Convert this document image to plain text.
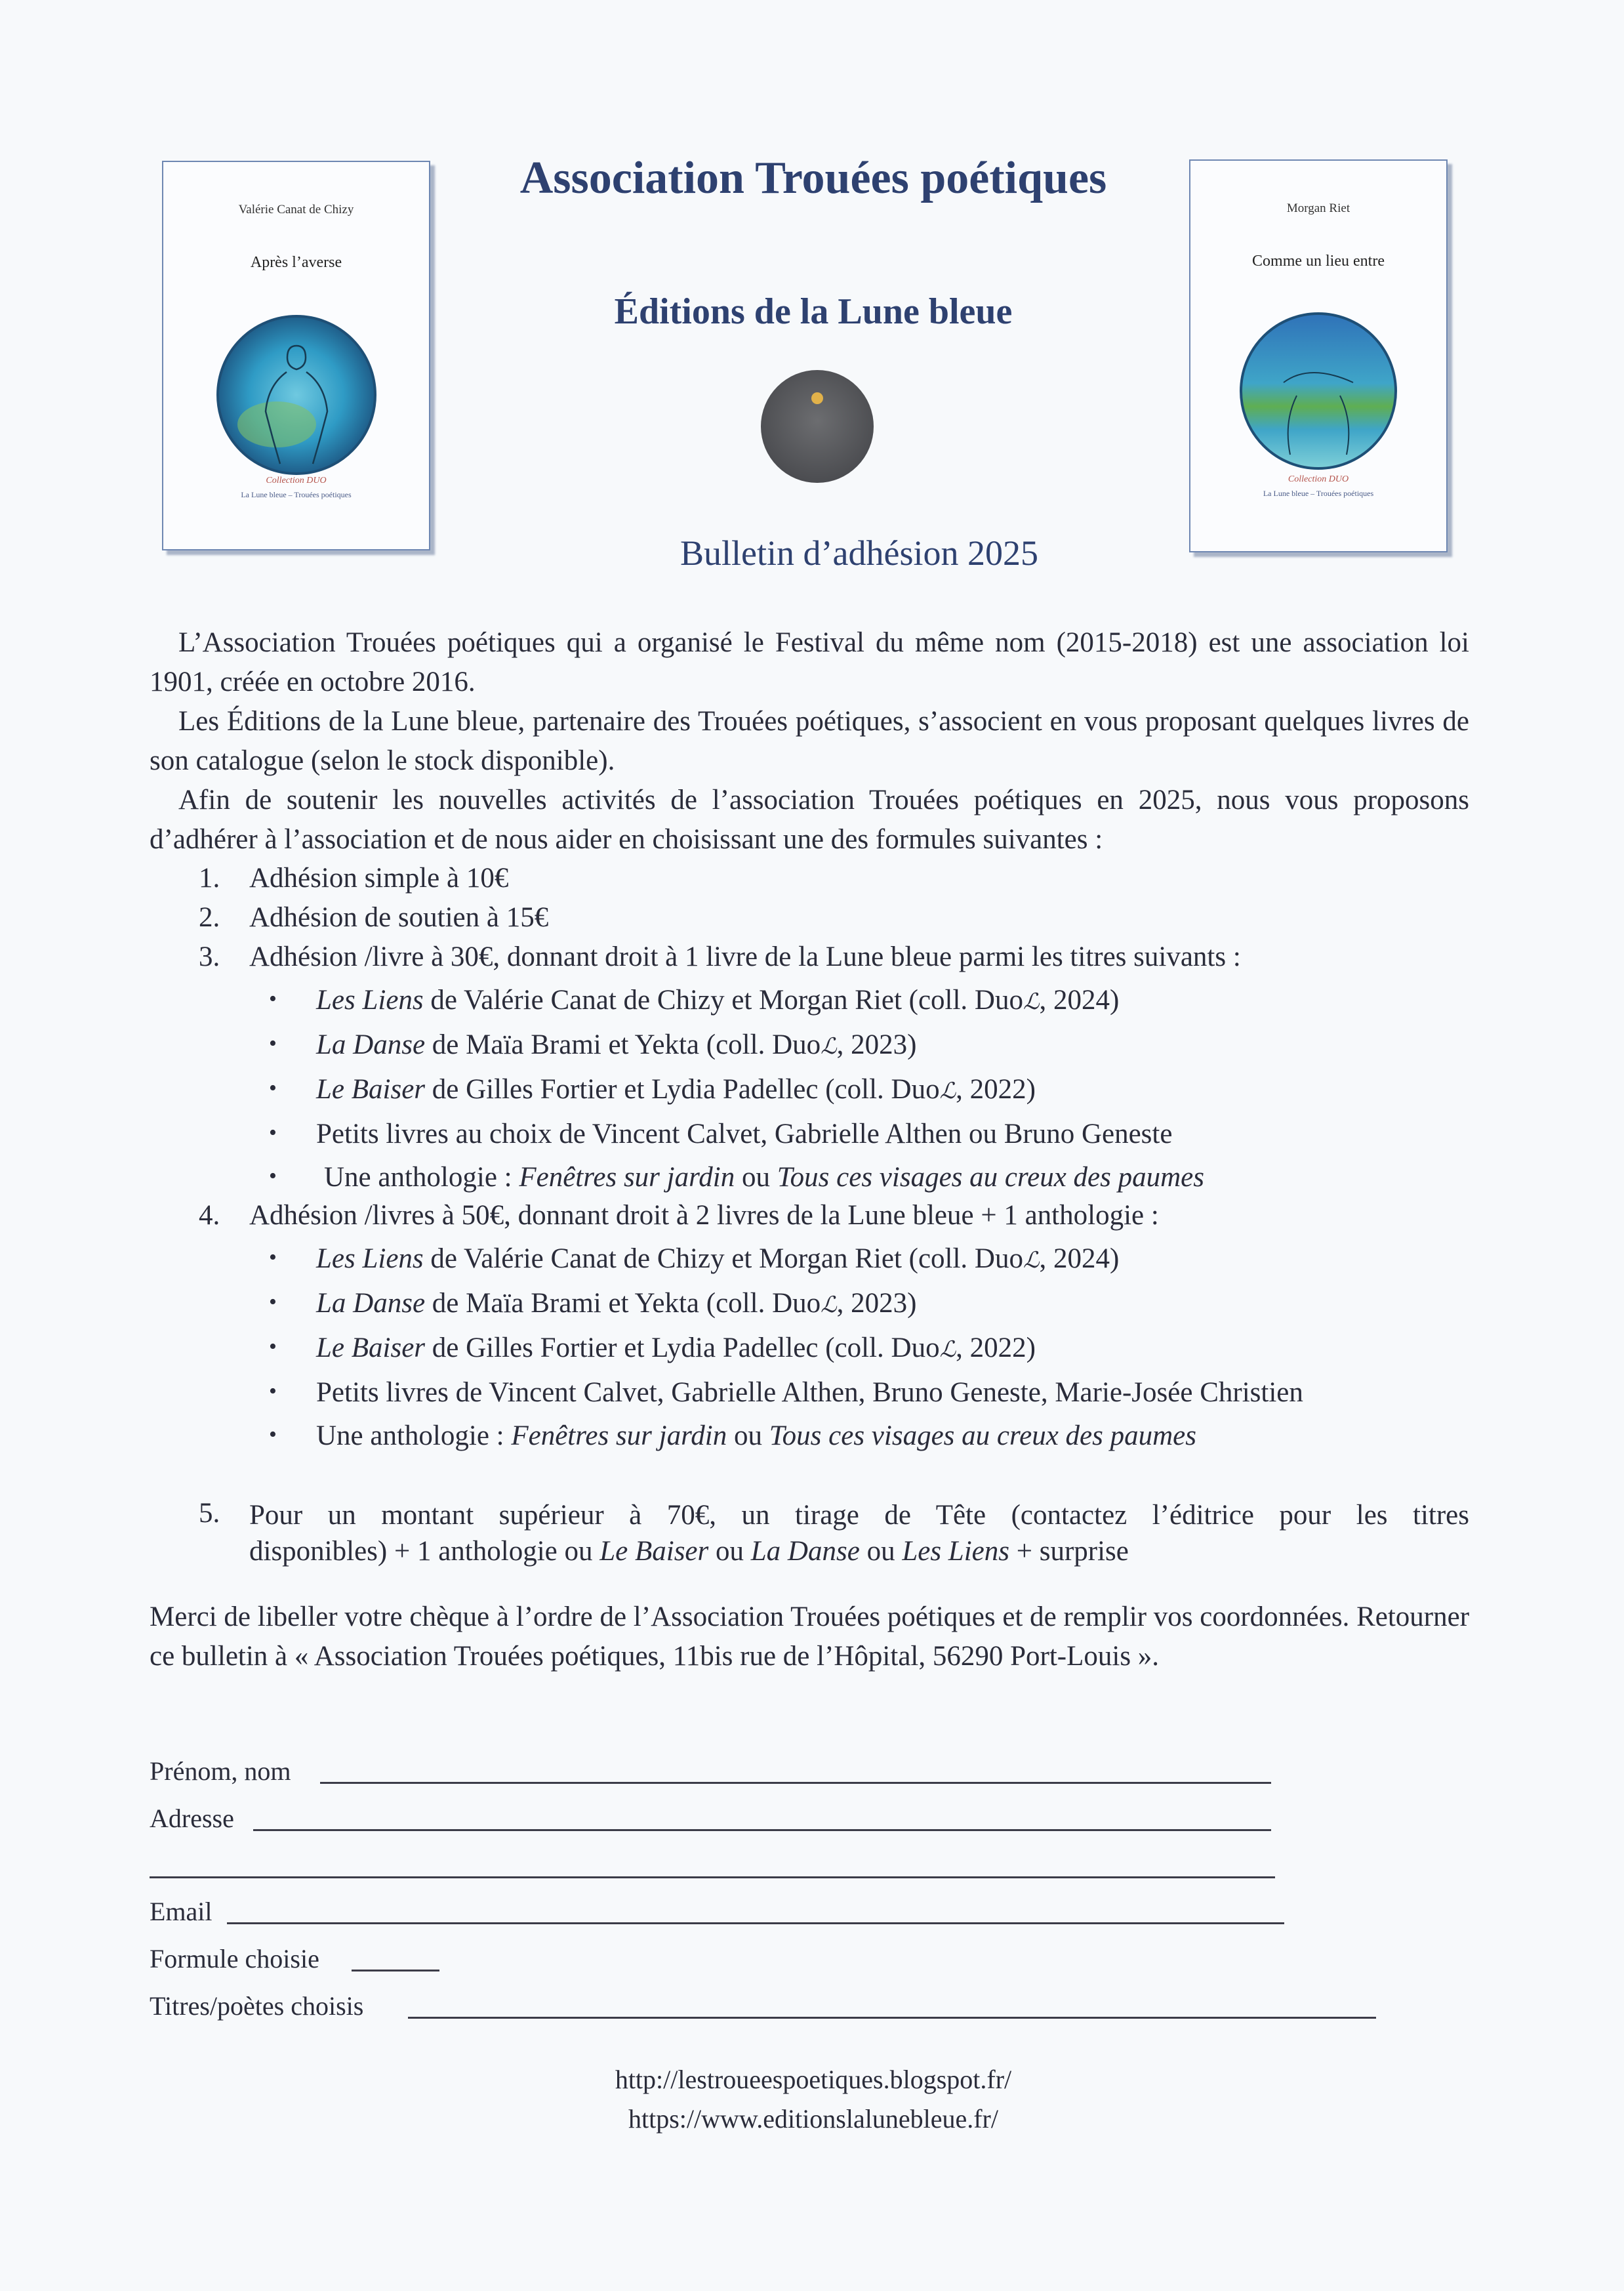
Valérie Canat de Chizy
Après l’averse
Collection DUO
La Lune bleue – Trouées poétiques
Morgan Riet
Comme un lieu entre
Collection DUO
La Lune bleue – Trouées poétiques
Association Trouées poétiques
Éditions de la Lune bleue
Bulletin d’adhésion 2025
L’Association Trouées poétiques qui a organisé le Festival du même nom (2015-2018) est une association loi 1901, créée en octobre 2016.
Les Éditions de la Lune bleue, partenaire des Trouées poétiques, s’associent en vous proposant quelques livres de son catalogue (selon le stock disponible).
Afin de soutenir les nouvelles activités de l’association Trouées poétiques en 2025, nous vous proposons d’adhérer à l’association et de nous aider en choisissant une des formules suivantes :
1. Adhésion simple à 10€
2. Adhésion de soutien à 15€
3. Adhésion /livre à 30€, donnant droit à 1 livre de la Lune bleue parmi les titres suivants :
• Les Liens de Valérie Canat de Chizy et Morgan Riet (coll. Duoℒ, 2024)
• La Danse de Maïa Brami et Yekta (coll. Duoℒ, 2023)
• Le Baiser de Gilles Fortier et Lydia Padellec (coll. Duoℒ, 2022)
• Petits livres au choix de Vincent Calvet, Gabrielle Althen ou Bruno Geneste
• Une anthologie : Fenêtres sur jardin ou Tous ces visages au creux des paumes
4. Adhésion /livres à 50€, donnant droit à 2 livres de la Lune bleue + 1 anthologie :
• Les Liens de Valérie Canat de Chizy et Morgan Riet (coll. Duoℒ, 2024)
• La Danse de Maïa Brami et Yekta (coll. Duoℒ, 2023)
• Le Baiser de Gilles Fortier et Lydia Padellec (coll. Duoℒ, 2022)
• Petits livres de Vincent Calvet, Gabrielle Althen, Bruno Geneste, Marie-Josée Christien
• Une anthologie : Fenêtres sur jardin ou Tous ces visages au creux des paumes
5. Pour un montant supérieur à 70€, un tirage de Tête (contactez l’éditrice pour les titres
disponibles) + 1 anthologie ou Le Baiser ou La Danse ou Les Liens + surprise
Merci de libeller votre chèque à l’ordre de l’Association Trouées poétiques et de remplir vos coordonnées. Retourner ce bulletin à « Association Trouées poétiques, 11bis rue de l’Hôpital, 56290 Port-Louis ».
Prénom, nom
Adresse
Email
Formule choisie
Titres/poètes choisis
http://lestroueespoetiques.blogspot.fr/
https://www.editionslalunebleue.fr/
